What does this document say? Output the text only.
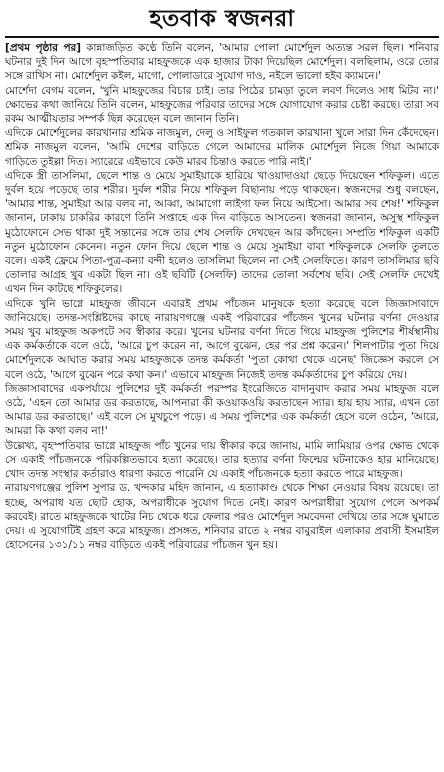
হতবাক স্বজনরা

[প্রথম পৃষ্ঠার পর] কান্নাজড়িত কণ্ঠে তিনি বলেন, 'আমার পোলা মোর্শেদুল অত্যন্ত সরল ছিল। শনিবার ঘটনার দুই দিন আগে বৃহস্পতিবার মাহফুজকে এক হাজার টাকা দিয়েছিল মোর্শেদুল। বলছিলাম, ওরে তোর সঙ্গে রাখিস না। মোর্শেদুল কইল, মাগো, পোলাডারে সুযোগ দাও, নইলে ভালো হইব ক্যামনে।'

মোর্শেদা বেগম বলেন, 'খুনি মাহফুজের বিচার চাই। তার পিঠের চামড়া তুলে লবণ দিলেও সাধ মিটব না।' ক্ষোভের কথা জানিয়ে তিনি বলেন, মাহফুজের পরিবার তাদের সঙ্গে যোগাযোগ করার চেষ্টা করছে। তারা সব রকম আত্মীয়তার সম্পর্ক ছিন্ন করেছেন বলে জানান তিনি।

এদিকে মোর্শেদুলের কারখানার শ্রমিক নাজমুল, দেলু ও সাইফুল গতকাল কারখানা খুলে সারা দিন কেঁদেছেন। শ্রমিক নাজমুল বলেন, 'আমি দেশের বাড়িতে গেলে আমাদের মালিক মোর্শেদুল নিজে গিয়া আমাকে গাড়িতে তুইল্লা দিত। স্যারেরে এইভাবে কেউ মারব চিন্তাও করতে পারি নাই।'

এদিকে স্ত্রী তাসলিমা, ছেলে শান্ত ও মেয়ে সুমাইয়াকে হারিয়ে খাওয়াদাওয়া ছেড়ে দিয়েছেন শফিকুল। এতে দুর্বল হয়ে পড়েছে তার শরীর। দুর্বল শরীর নিয়ে শফিকুল বিছানায় পড়ে থাকছেন। স্বজনদের শুধু বলছেন, 'আমার শান্ত, সুমাইয়া আর বলব না, আব্বা, আমাগো লাইগা ফল নিয়ে আইসো। আমার সব শেষ!' শফিকুল জানান, ঢাকায় চাকরির কারণে তিনি সপ্তাহে এক দিন বাড়িতে আসতেন। স্বজনরা জানান, অসুস্থ শফিকুল মুঠোফোনে সেভ থাকা দুই সন্তানের সঙ্গে তার শেষ সেলফি দেখছেন আর কাঁদছেন। সম্প্রতি শফিকুল একটি নতুন মুঠোফোন কেনেন। নতুন ফোন দিয়ে ছেলে শান্ত ও মেয়ে সুমাইয়া বাবা শফিকুলকে সেলফি তুলতে বলে। একই ফ্রেমে পিতা-পুত্র-কন্যা বন্দী হলেও তাসলিমা ছিলেন না সেই সেলফিতে। কারণ তাসলিমার ছবি তোলার আগ্রহ খুব একটা ছিল না। ওই ছবিটি (সেলফি) তাদের তোলা সর্বশেষ ছবি। সেই সেলফি দেখেই এখন দিন কাটছে শফিকুলের।

এদিকে খুনি ভাগ্নে মাহফুজ জীবনে এবারই প্রথম পাঁচজন মানুষকে হত্যা করেছে বলে জিজ্ঞাসাবাদে জানিয়েছে। তদন্ত-সংশ্লিষ্টদের কাছে নারায়ণগঞ্জে একই পরিবারের পাঁচজন খুনের ঘটনার বর্ণনা দেওয়ার সময় খুব মাহফুজ অকপটে সব স্বীকার করে। খুনের ঘটনার বর্ণনা দিতে গিয়ে মাহফুজ পুলিশের শীর্ষস্থানীয় এক কর্মকর্তাকে বলে ওঠে, 'আরে চুপ করেন না, আগে বুঝেন, হের পর প্রশ্ন করেন।' শিলপাটার পুতা দিয়ে মোর্শেদুলকে আঘাত করার সময় মাহফুজকে তদন্ত কর্মকর্তা 'পুতা কোথা থেকে এনেছ' জিজ্ঞেস করলে সে বলে ওঠে, 'আগে বুঝেন পরে কথা কন।' এভাবে মাহফুজ নিজেই তদন্ত কর্মকর্তাদের চুপ করিয়ে দেয়।

জিজ্ঞাসাবাদের একপর্যায়ে পুলিশের দুই কর্মকর্তা পরস্পর ইংরেজিতে বাদানুবাদ করার সময় মাহফুজ বলে ওঠে, 'এহন তো আমার ডর করতাছে, আপনারা কী কওয়াকওয়ি করতাছেন স্যার। হায় হায় স্যার, এখন তো আমার ডর করতাছে।' এই বলে সে মুখচুপে পড়ে। এ সময় পুলিশের এক কর্মকর্তা হেসে বলে ওঠেন, 'আরে, আমরা কি কথা বলব না!'

উল্লেখ্য, বৃহস্পতিবার ভাগ্নে মাহফুজ পাঁচ খুনের দায় স্বীকার করে জানায়, মামি লামিয়ার ওপর ক্ষোভ থেকে সে একাই পাঁচজনকে পরিকল্পিতভাবে হত্যা করেছে। তার হত্যার বর্ণনা ফিল্মের ঘটনাকেও হার মানিয়েছে। খোদ তদন্ত সংস্থার কর্তারাও ধারণা করতে পারেনি যে একাই পাঁচজনকে হত্যা করতে পারে মাহফুজ।

নারায়ণগঞ্জের পুলিশ সুপার ড. খন্দকার মহিদ জানান, এ হত্যাকাণ্ড থেকে শিক্ষা নেওয়ার বিষয় রয়েছে। তা হচ্ছে, অপরাধ যত ছোট হোক, অপরাধীকে সুযোগ দিতে নেই। কারণ অপরাধীরা সুযোগ পেলে অপকর্ম করবেই। রাতে মাহফুজকে খাটের নিচ থেকে ধরে ফেলার পরও মোর্শেদুল সমবেদনা দেখিয়ে তার সঙ্গে ঘুমাতে দেয়। এ সুযোগটিই গ্রহণ করে মাহফুজ। প্রসঙ্গত, শনিবার রাতে ২ নম্বর বাবুরাইল এলাকার প্রবাসী ইসমাইল হোসেনের ১৩১/১১ নম্বর বাড়িতে একই পরিবারের পাঁচজন খুন হয়।
